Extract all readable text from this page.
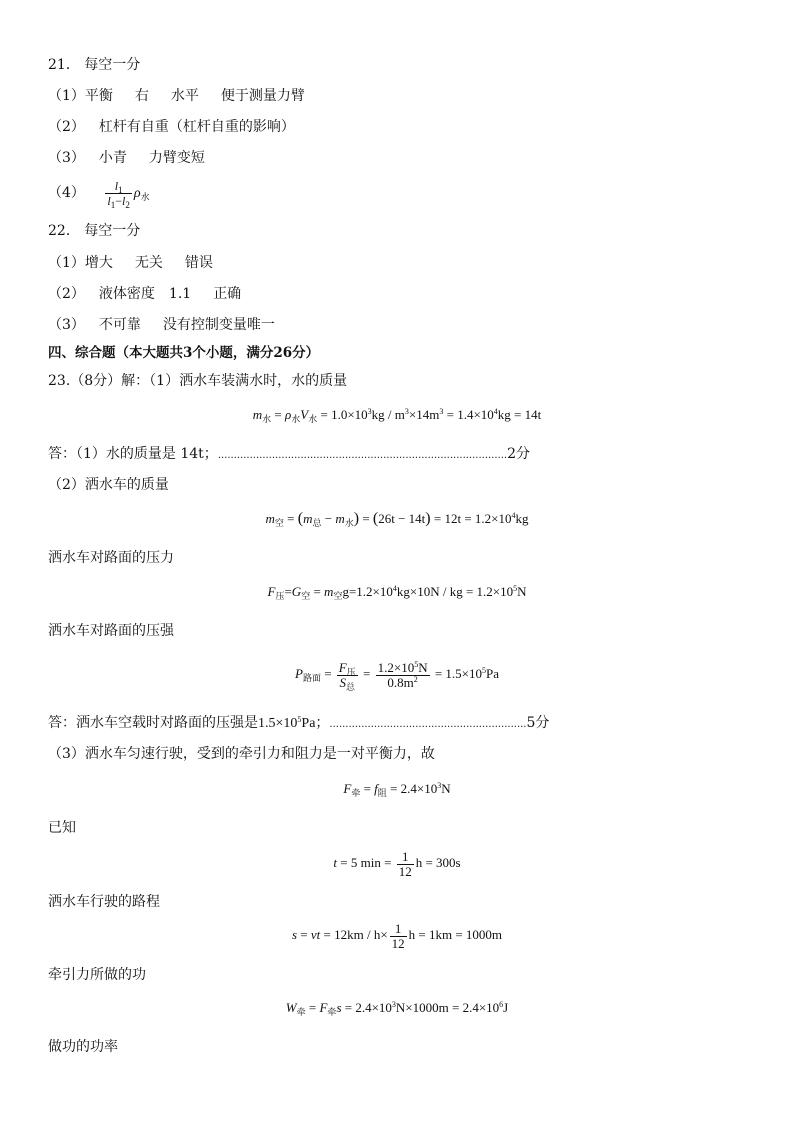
21． 每空一分
（1）平衡 右 水平 便于测量力臂
（2） 杠杆有自重（杠杆自重的影响）
（3） 小青 力臂变短
$(4) \frac{l_1}{l_1-l_2} \rho_水$
22． 每空一分
（1）增大 无关 错误
（2） 液体密度 1.1 正确
（3） 不可靠 没有控制变量唯一
四、综合题（本大题共3个小题，满分26分）
23.（8分）解：（1）洒水车装满水时，水的质量
$m_水 = \rho_水V_水 = 1.0\times 10^3kg / m^3\times 14m^3 = 1.4\times 10^4kg = 14t$
答：（1）水的质量是 14t；...........................................................................................2分
（2）洒水车的质量
$m_空 = (m_总 - m_水) = (26t - 14t) = 12t = 1.2\times 10^4kg$
洒水车对路面的压力
$F_压=G_空 = m_空g=1.2\times 10^4kg\times 10N$ / kg = $1.2\times 10^5N$
洒水车对路面的压强
$P_{路面} = \frac{F_压}{S_总} = \frac{1.2\times 10^5N}{0.8m^2} = 1.5\times 10^5Pa$
答：洒水车空载时对路面的压强是$1.5\times 10^5Pa$；..............................................................5分
（3）洒水车匀速行驶，受到的牵引力和阻力是一对平衡力，故
$F_牵 = f_阻 = 2.4\times 10^3N$
已知
t = 5 $\min = \frac{1}{12}$ h = 300s
洒水车行驶的路程
s = vt = $12km / h\times \frac{1}{12}$ h = 1km = 1000m
牵引力所做的功
$W_牵 = F_牵s = 2.4\times 10^3N\times 1000m = 2.4\times 10^6J$
做功的功率
